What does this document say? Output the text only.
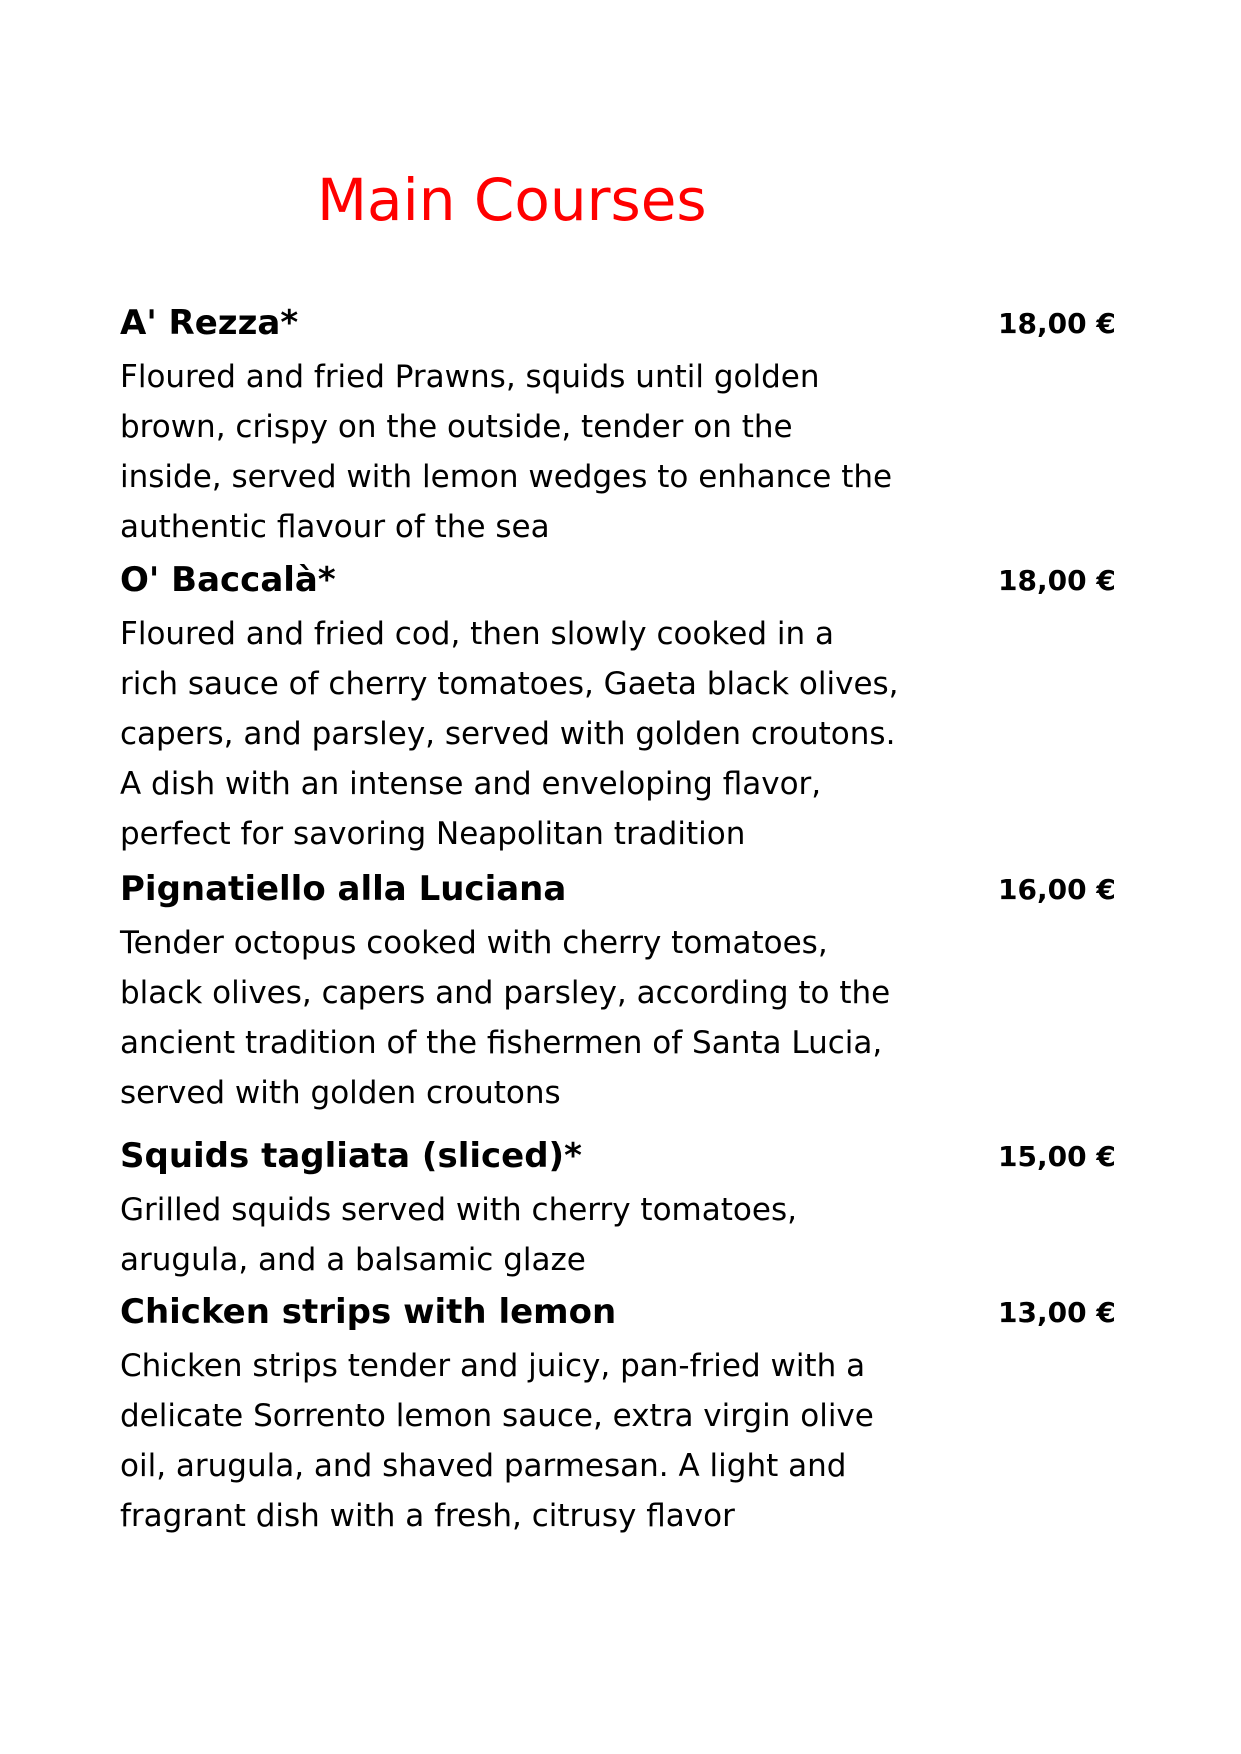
Main Courses
A' Rezza*	18,00 €
Floured and fried Prawns, squids until golden
brown, crispy on the outside, tender on the
inside, served with lemon wedges to enhance the
authentic flavour of the sea
O' Baccalà*	18,00 €
Floured and fried cod, then slowly cooked in a
rich sauce of cherry tomatoes, Gaeta black olives,
capers, and parsley, served with golden croutons.
A dish with an intense and enveloping flavor,
perfect for savoring Neapolitan tradition
Pignatiello alla Luciana	16,00 €
Tender octopus cooked with cherry tomatoes,
black olives, capers and parsley, according to the
ancient tradition of the fishermen of Santa Lucia,
served with golden croutons
Squids tagliata (sliced)*	15,00 €
Grilled squids served with cherry tomatoes,
arugula, and a balsamic glaze
Chicken strips with lemon	13,00 €
Chicken strips tender and juicy, pan-fried with a
delicate Sorrento lemon sauce, extra virgin olive
oil, arugula, and shaved parmesan. A light and
fragrant dish with a fresh, citrusy flavor
